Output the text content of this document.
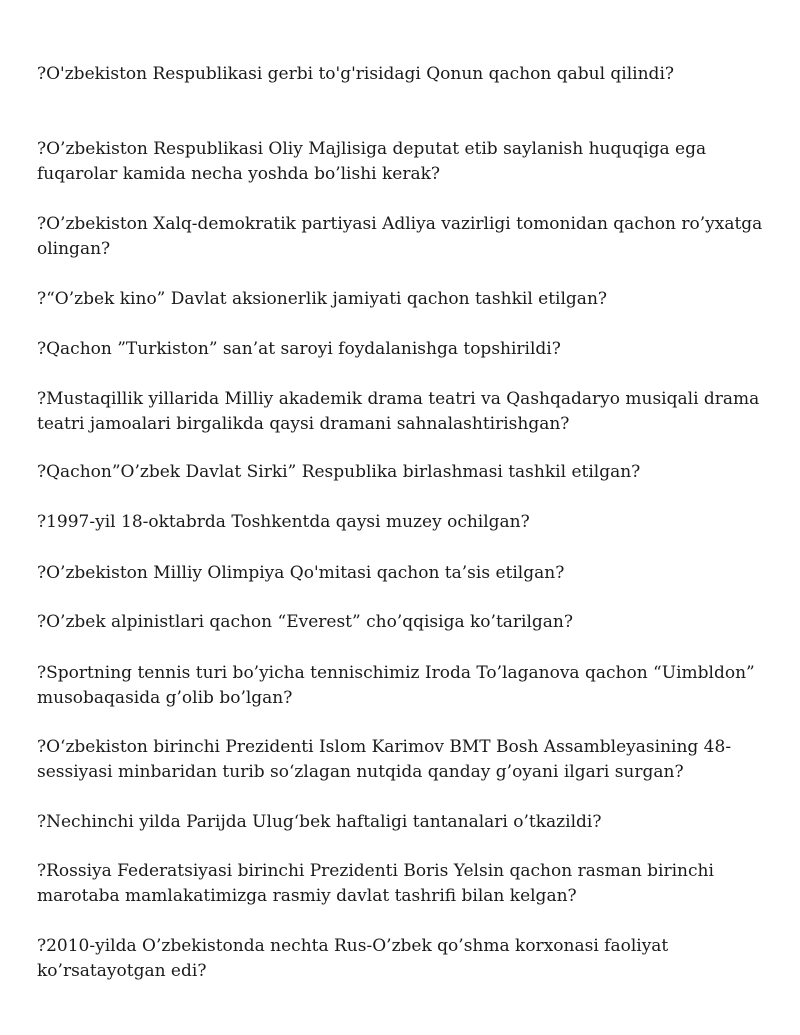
?O'zbekiston Respublikasi gerbi to'g'risidagi Qonun qachon qabul qilindi?

?O’zbekiston Respublikasi Oliy Majlisiga deputat etib saylanish huquqiga ega fuqarolar kamida necha yoshda bo’lishi kerak?

?O’zbekiston Xalq-demokratik partiyasi Adliya vazirligi tomonidan qachon ro’yxatga olingan?

?“O’zbek kino” Davlat aksionerlik jamiyati qachon tashkil etilgan?

?Qachon ”Turkiston” san’at saroyi foydalanishga topshirildi?

?Mustaqillik yillarida Milliy akademik drama teatri va Qashqadaryo musiqali drama teatri jamoalari birgalikda qaysi dramani sahnalashtirishgan?

?Qachon”O’zbek Davlat Sirki” Respublika birlashmasi tashkil etilgan?

?1997-yil 18-oktabrda Toshkentda qaysi muzey ochilgan?

?O’zbekiston Milliy Olimpiya Qo'mitasi qachon ta’sis etilgan?

?O’zbek alpinistlari qachon “Everest” cho’qqisiga ko’tarilgan?

?Sportning tennis turi bo’yicha tennischimiz Iroda To’laganova qachon “Uimbldon” musobaqasida g’olib bo’lgan?

?O‘zbekiston birinchi Prezidenti Islom Karimov BMT Bosh Assambleyasining 48-sessiyasi minbaridan turib so‘zlagan nutqida qanday g’oyani ilgari surgan?

?Nechinchi yilda Parijda Ulug‘bek haftaligi tantanalari o’tkazildi?

?Rossiya Federatsiyasi birinchi Prezidenti Boris Yelsin qachon rasman birinchi marotaba mamlakatimizga rasmiy davlat tashrifi bilan kelgan?

?2010-yilda O’zbekistonda nechta Rus-O’zbek qo’shma korxonasi faoliyat ko’rsatayotgan edi?
